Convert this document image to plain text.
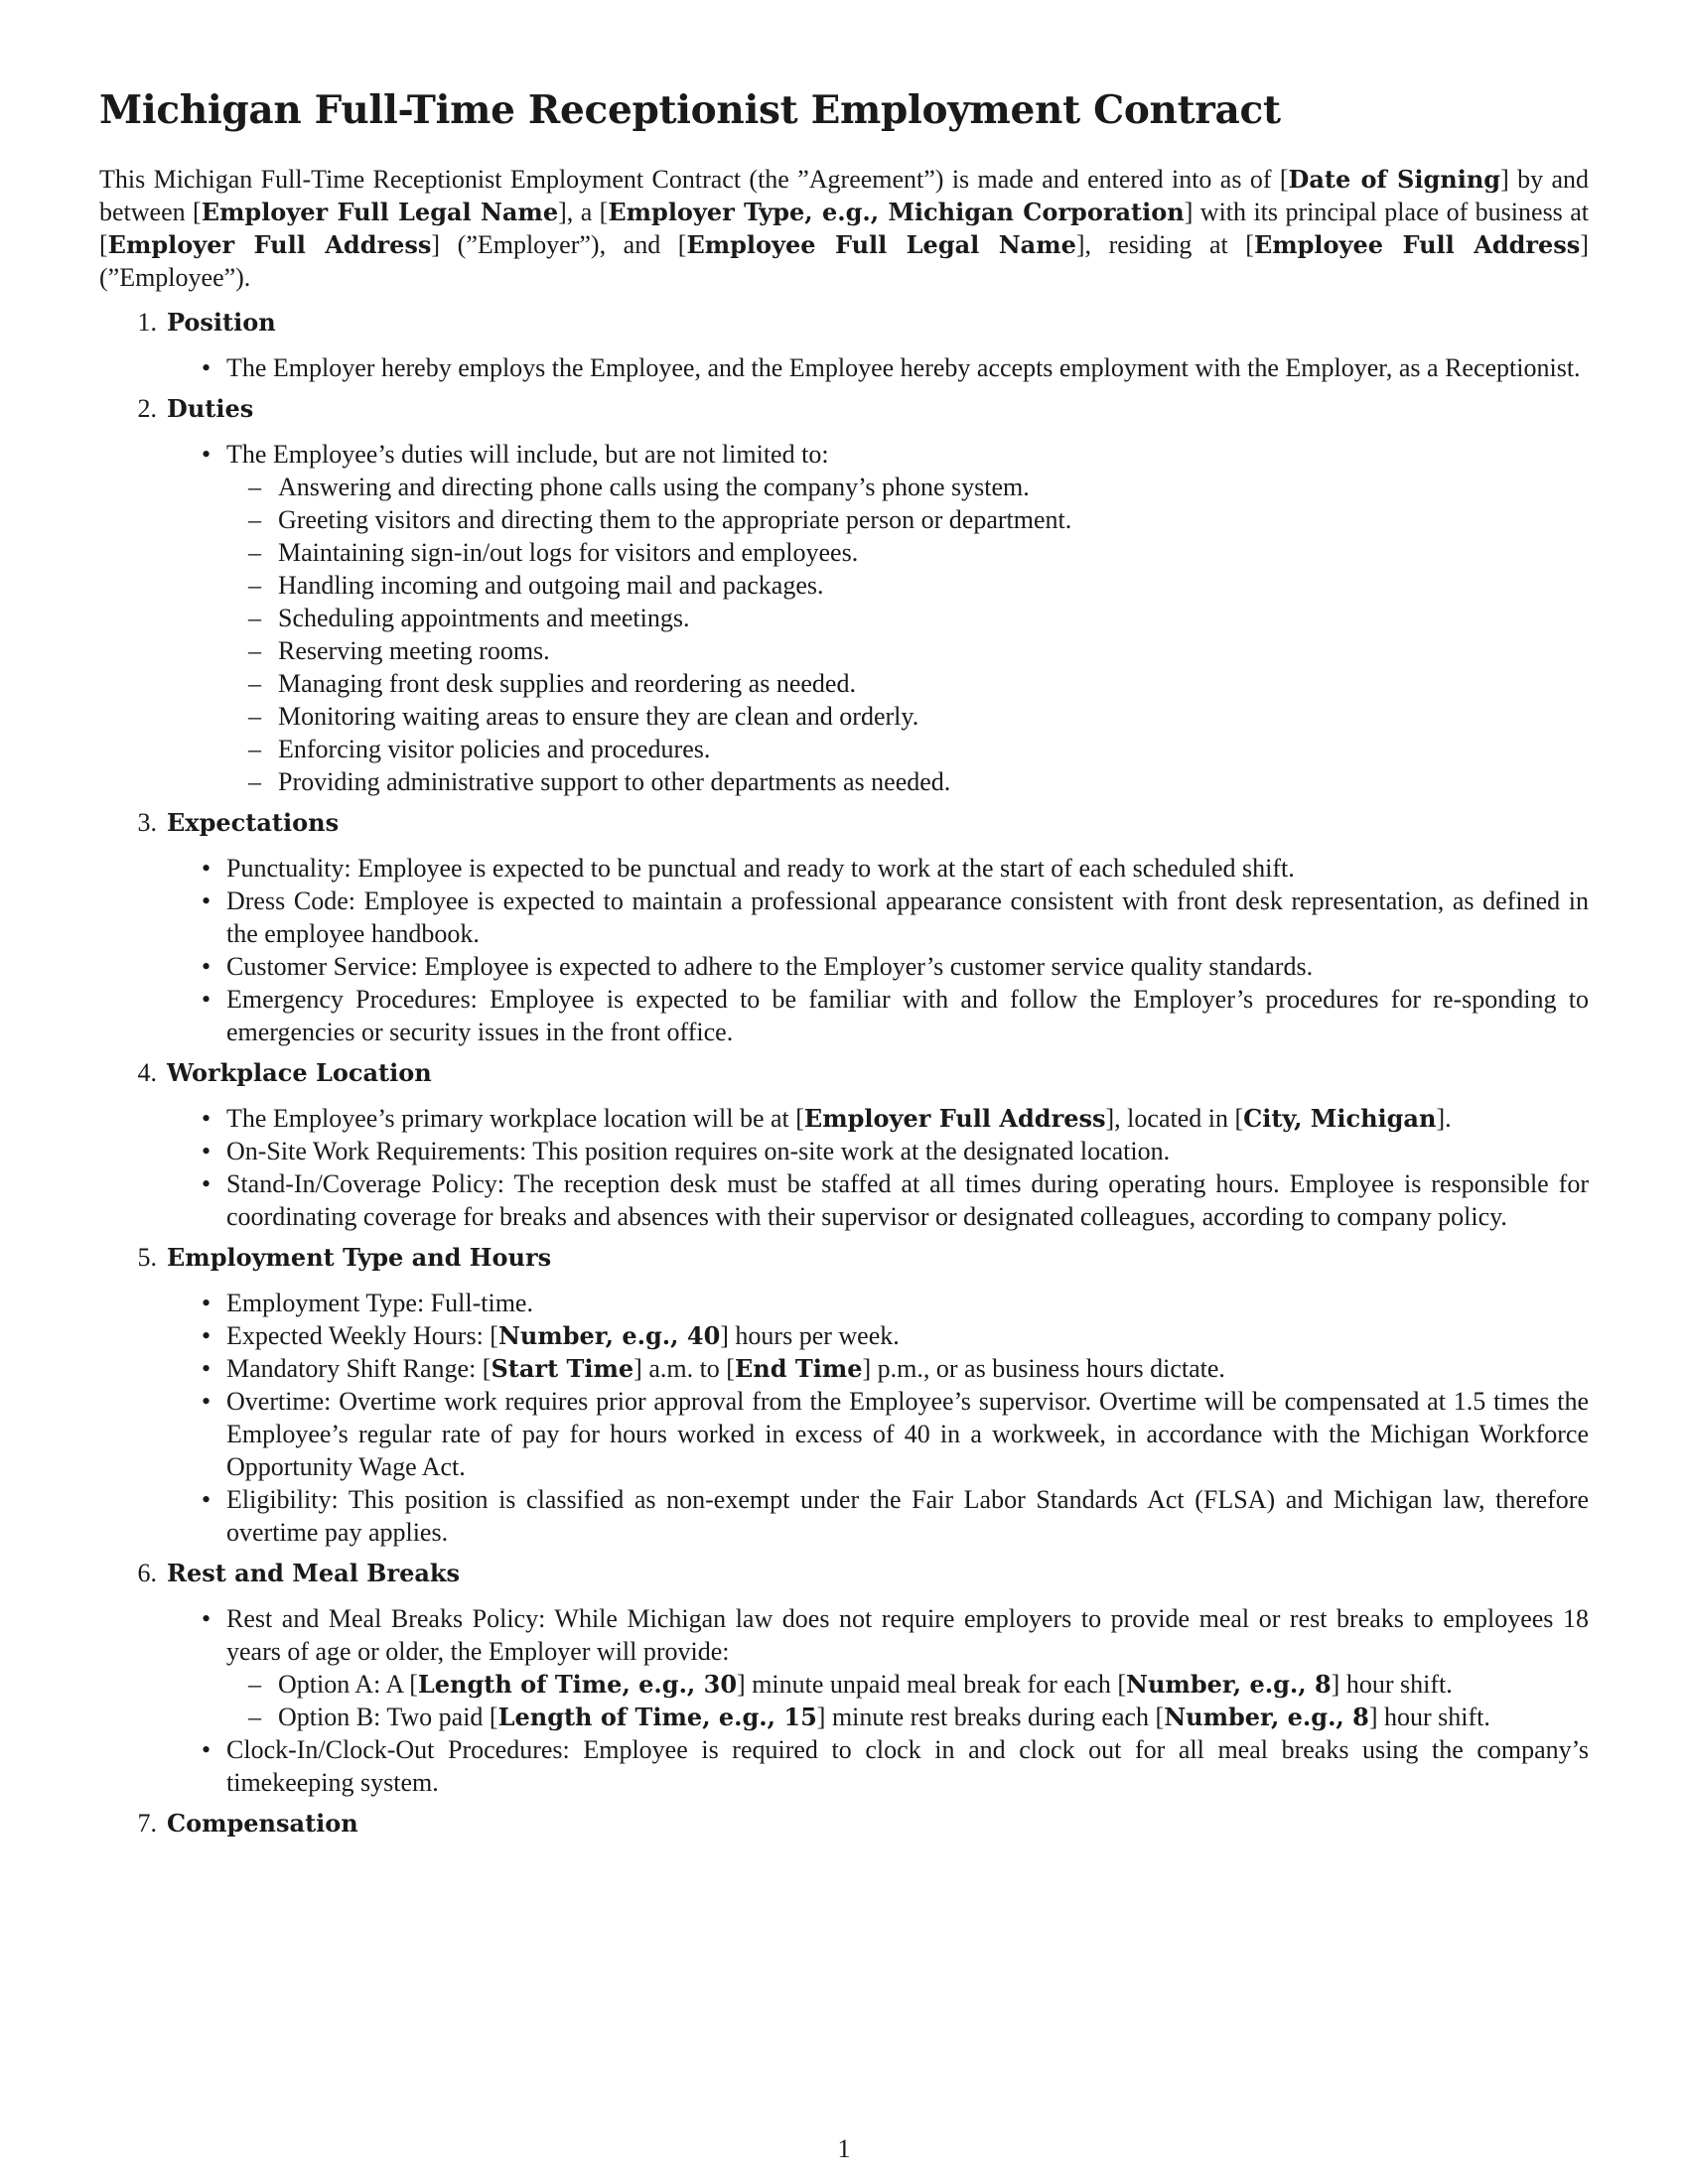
Michigan Full-Time Receptionist Employment Contract

This Michigan Full-Time Receptionist Employment Contract (the ”Agreement”) is made and entered into as of [Date of Signing] by and between [Employer Full Legal Name], a [Employer Type, e.g., Michigan Corporation] with its principal place of business at [Employer Full Address] (”Employer”), and [Employee Full Legal Name], residing at [Employee Full Address] (”Employee”).

1. Position
• The Employer hereby employs the Employee, and the Employee hereby accepts employment with the Employer, as a Receptionist.
2. Duties
• The Employee’s duties will include, but are not limited to:
– Answering and directing phone calls using the company’s phone system.
– Greeting visitors and directing them to the appropriate person or department.
– Maintaining sign-in/out logs for visitors and employees.
– Handling incoming and outgoing mail and packages.
– Scheduling appointments and meetings.
– Reserving meeting rooms.
– Managing front desk supplies and reordering as needed.
– Monitoring waiting areas to ensure they are clean and orderly.
– Enforcing visitor policies and procedures.
– Providing administrative support to other departments as needed.
3. Expectations
• Punctuality: Employee is expected to be punctual and ready to work at the start of each scheduled shift.
• Dress Code: Employee is expected to maintain a professional appearance consistent with front desk representation, as defined in the employee handbook.
• Customer Service: Employee is expected to adhere to the Employer’s customer service quality standards.
• Emergency Procedures: Employee is expected to be familiar with and follow the Employer’s procedures for re-sponding to emergencies or security issues in the front office.
4. Workplace Location
• The Employee’s primary workplace location will be at [Employer Full Address], located in [City, Michigan].
• On-Site Work Requirements: This position requires on-site work at the designated location.
• Stand-In/Coverage Policy: The reception desk must be staffed at all times during operating hours. Employee is responsible for coordinating coverage for breaks and absences with their supervisor or designated colleagues, according to company policy.
5. Employment Type and Hours
• Employment Type: Full-time.
• Expected Weekly Hours: [Number, e.g., 40] hours per week.
• Mandatory Shift Range: [Start Time] a.m. to [End Time] p.m., or as business hours dictate.
• Overtime: Overtime work requires prior approval from the Employee’s supervisor. Overtime will be compensated at 1.5 times the Employee’s regular rate of pay for hours worked in excess of 40 in a workweek, in accordance with the Michigan Workforce Opportunity Wage Act.
• Eligibility: This position is classified as non-exempt under the Fair Labor Standards Act (FLSA) and Michigan law, therefore overtime pay applies.
6. Rest and Meal Breaks
• Rest and Meal Breaks Policy: While Michigan law does not require employers to provide meal or rest breaks to employees 18 years of age or older, the Employer will provide:
– Option A: A [Length of Time, e.g., 30] minute unpaid meal break for each [Number, e.g., 8] hour shift.
– Option B: Two paid [Length of Time, e.g., 15] minute rest breaks during each [Number, e.g., 8] hour shift.
• Clock-In/Clock-Out Procedures: Employee is required to clock in and clock out for all meal breaks using the company’s timekeeping system.
7. Compensation
1
